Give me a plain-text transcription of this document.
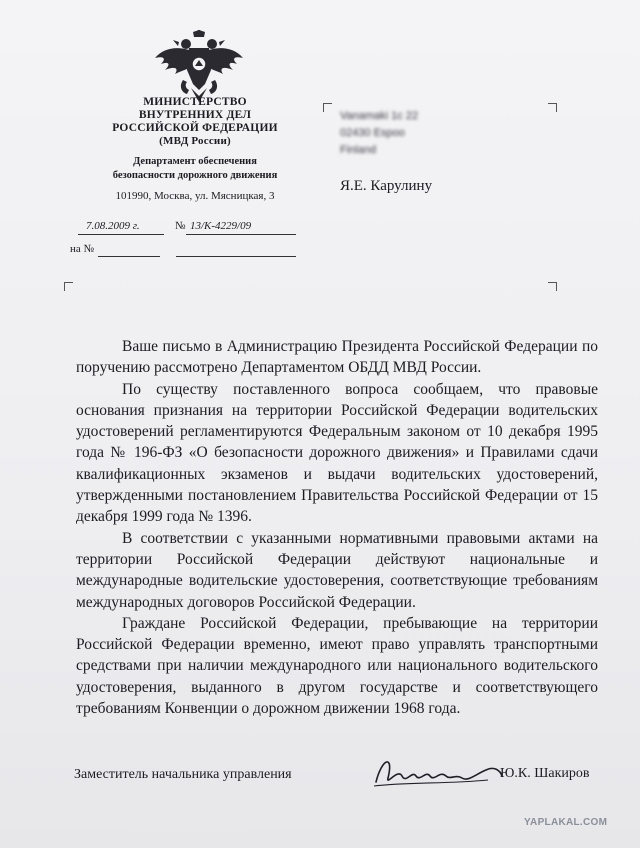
МИНИСТЕРСТВО
ВНУТРЕННИХ ДЕЛ
РОССИЙСКОЙ ФЕДЕРАЦИИ
(МВД России)
Департамент обеспечения
безопасности дорожного движения
101990, Москва, ул. Мясницкая, 3
7.08.2009 г.	№ 13/К-4229/09
на №
Vanamaki 1c 22
02430 Espoo
Finland
Я.Е. Карулину

Ваше письмо в Администрацию Президента Российской Федерации по поручению рассмотрено Департаментом ОБДД МВД России.

По существу поставленного вопроса сообщаем, что правовые основания признания на территории Российской Федерации водительских удостоверений регламентируются Федеральным законом от 10 декабря 1995 года № 196-ФЗ «О безопасности дорожного движения» и Правилами сдачи квалификационных экзаменов и выдачи водительских удостоверений, утвержденными постановлением Правительства Российской Федерации от 15 декабря 1999 года № 1396.

В соответствии с указанными нормативными правовыми актами на территории Российской Федерации действуют национальные и международные водительские удостоверения, соответствующие требованиям международных договоров Российской Федерации.

Граждане Российской Федерации, пребывающие на территории Российской Федерации временно, имеют право управлять транспортными средствами при наличии международного или национального водительского удостоверения, выданного в другом государстве и соответствующего требованиям Конвенции о дорожном движении 1968 года.

Заместитель начальника управления	Ю.К. Шакиров
YAPLAKAL.COM
